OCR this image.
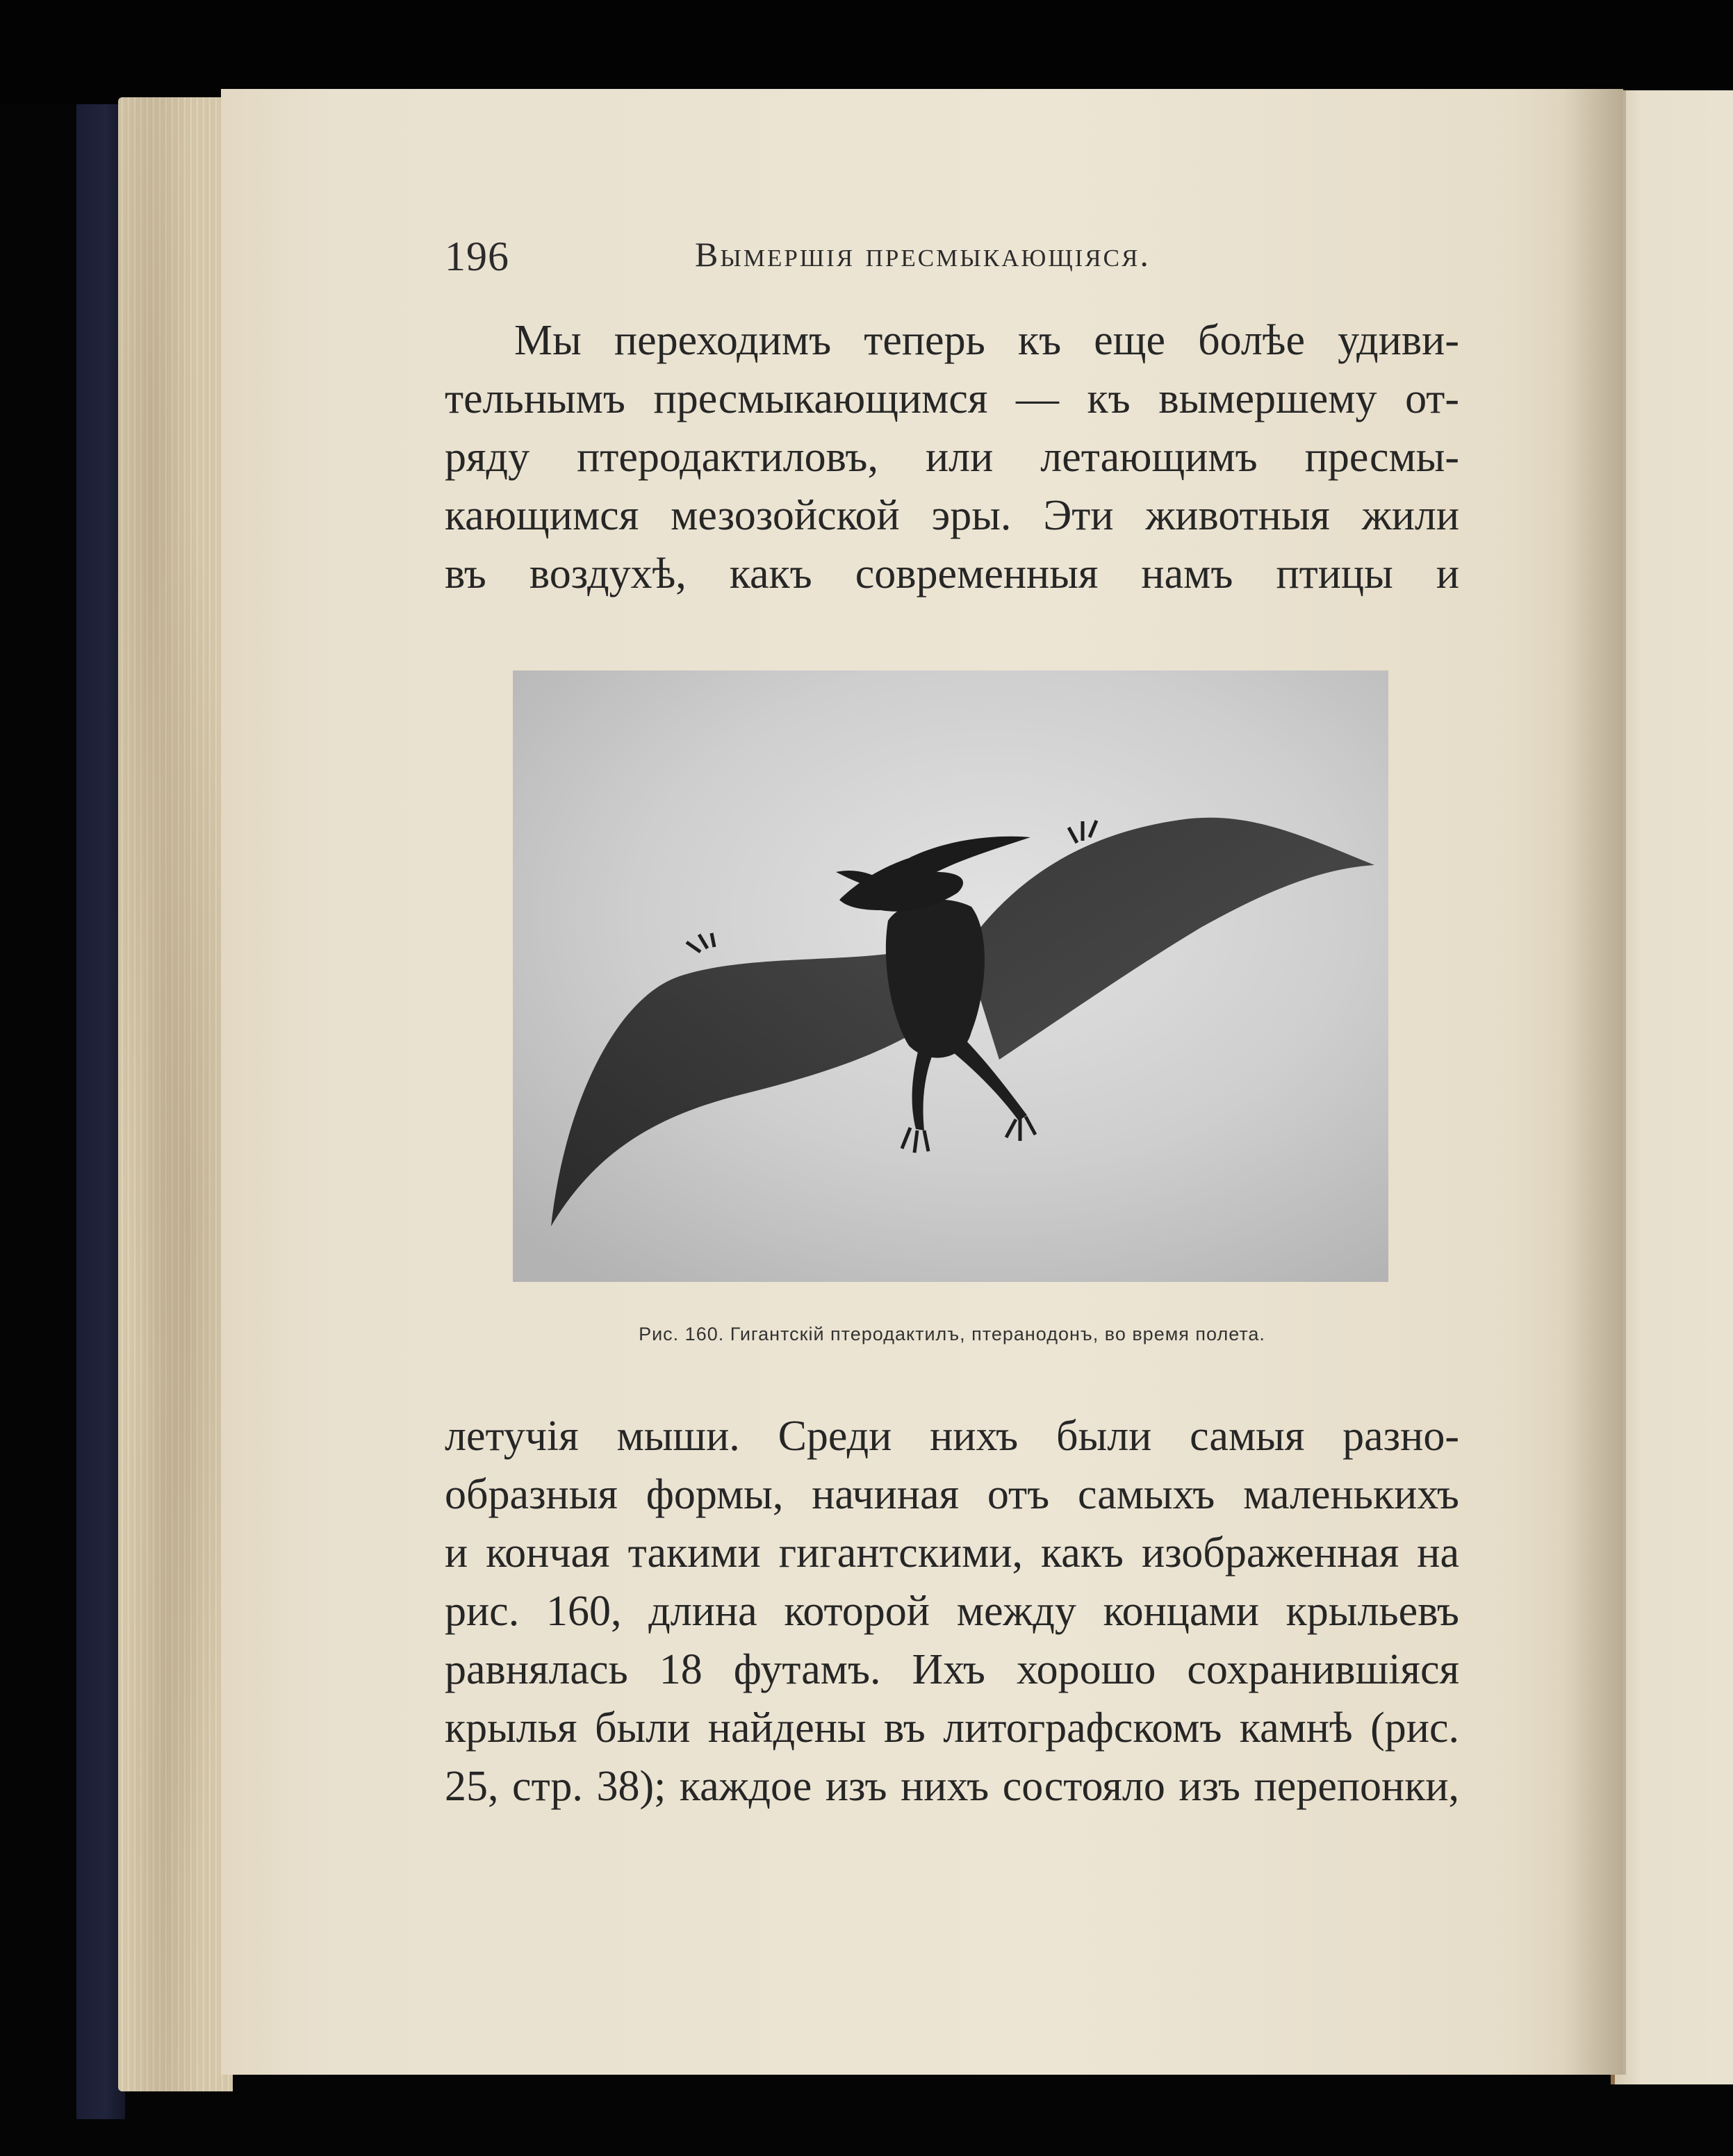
196	Вымершія пресмыкающіяся.
Мы переходимъ теперь къ еще болѣе удиви-
тельнымъ пресмыкающимся — къ вымершему от-
ряду птеродактиловъ, или летающимъ пресмы-
кающимся мезозойской эры. Эти животныя жили
въ воздухѣ, какъ современныя намъ птицы и
Рис. 160. Гигантскій птеродактилъ, птеранодонъ, во время полета.
летучія мыши. Среди нихъ были самыя разно-
образныя формы, начиная отъ самыхъ маленькихъ
и кончая такими гигантскими, какъ изображенная на
рис. 160, длина которой между концами крыльевъ
равнялась 18 футамъ. Ихъ хорошо сохранившіяся
крылья были найдены въ литографскомъ камнѣ (рис.
25, стр. 38); каждое изъ нихъ состояло изъ перепонки,
